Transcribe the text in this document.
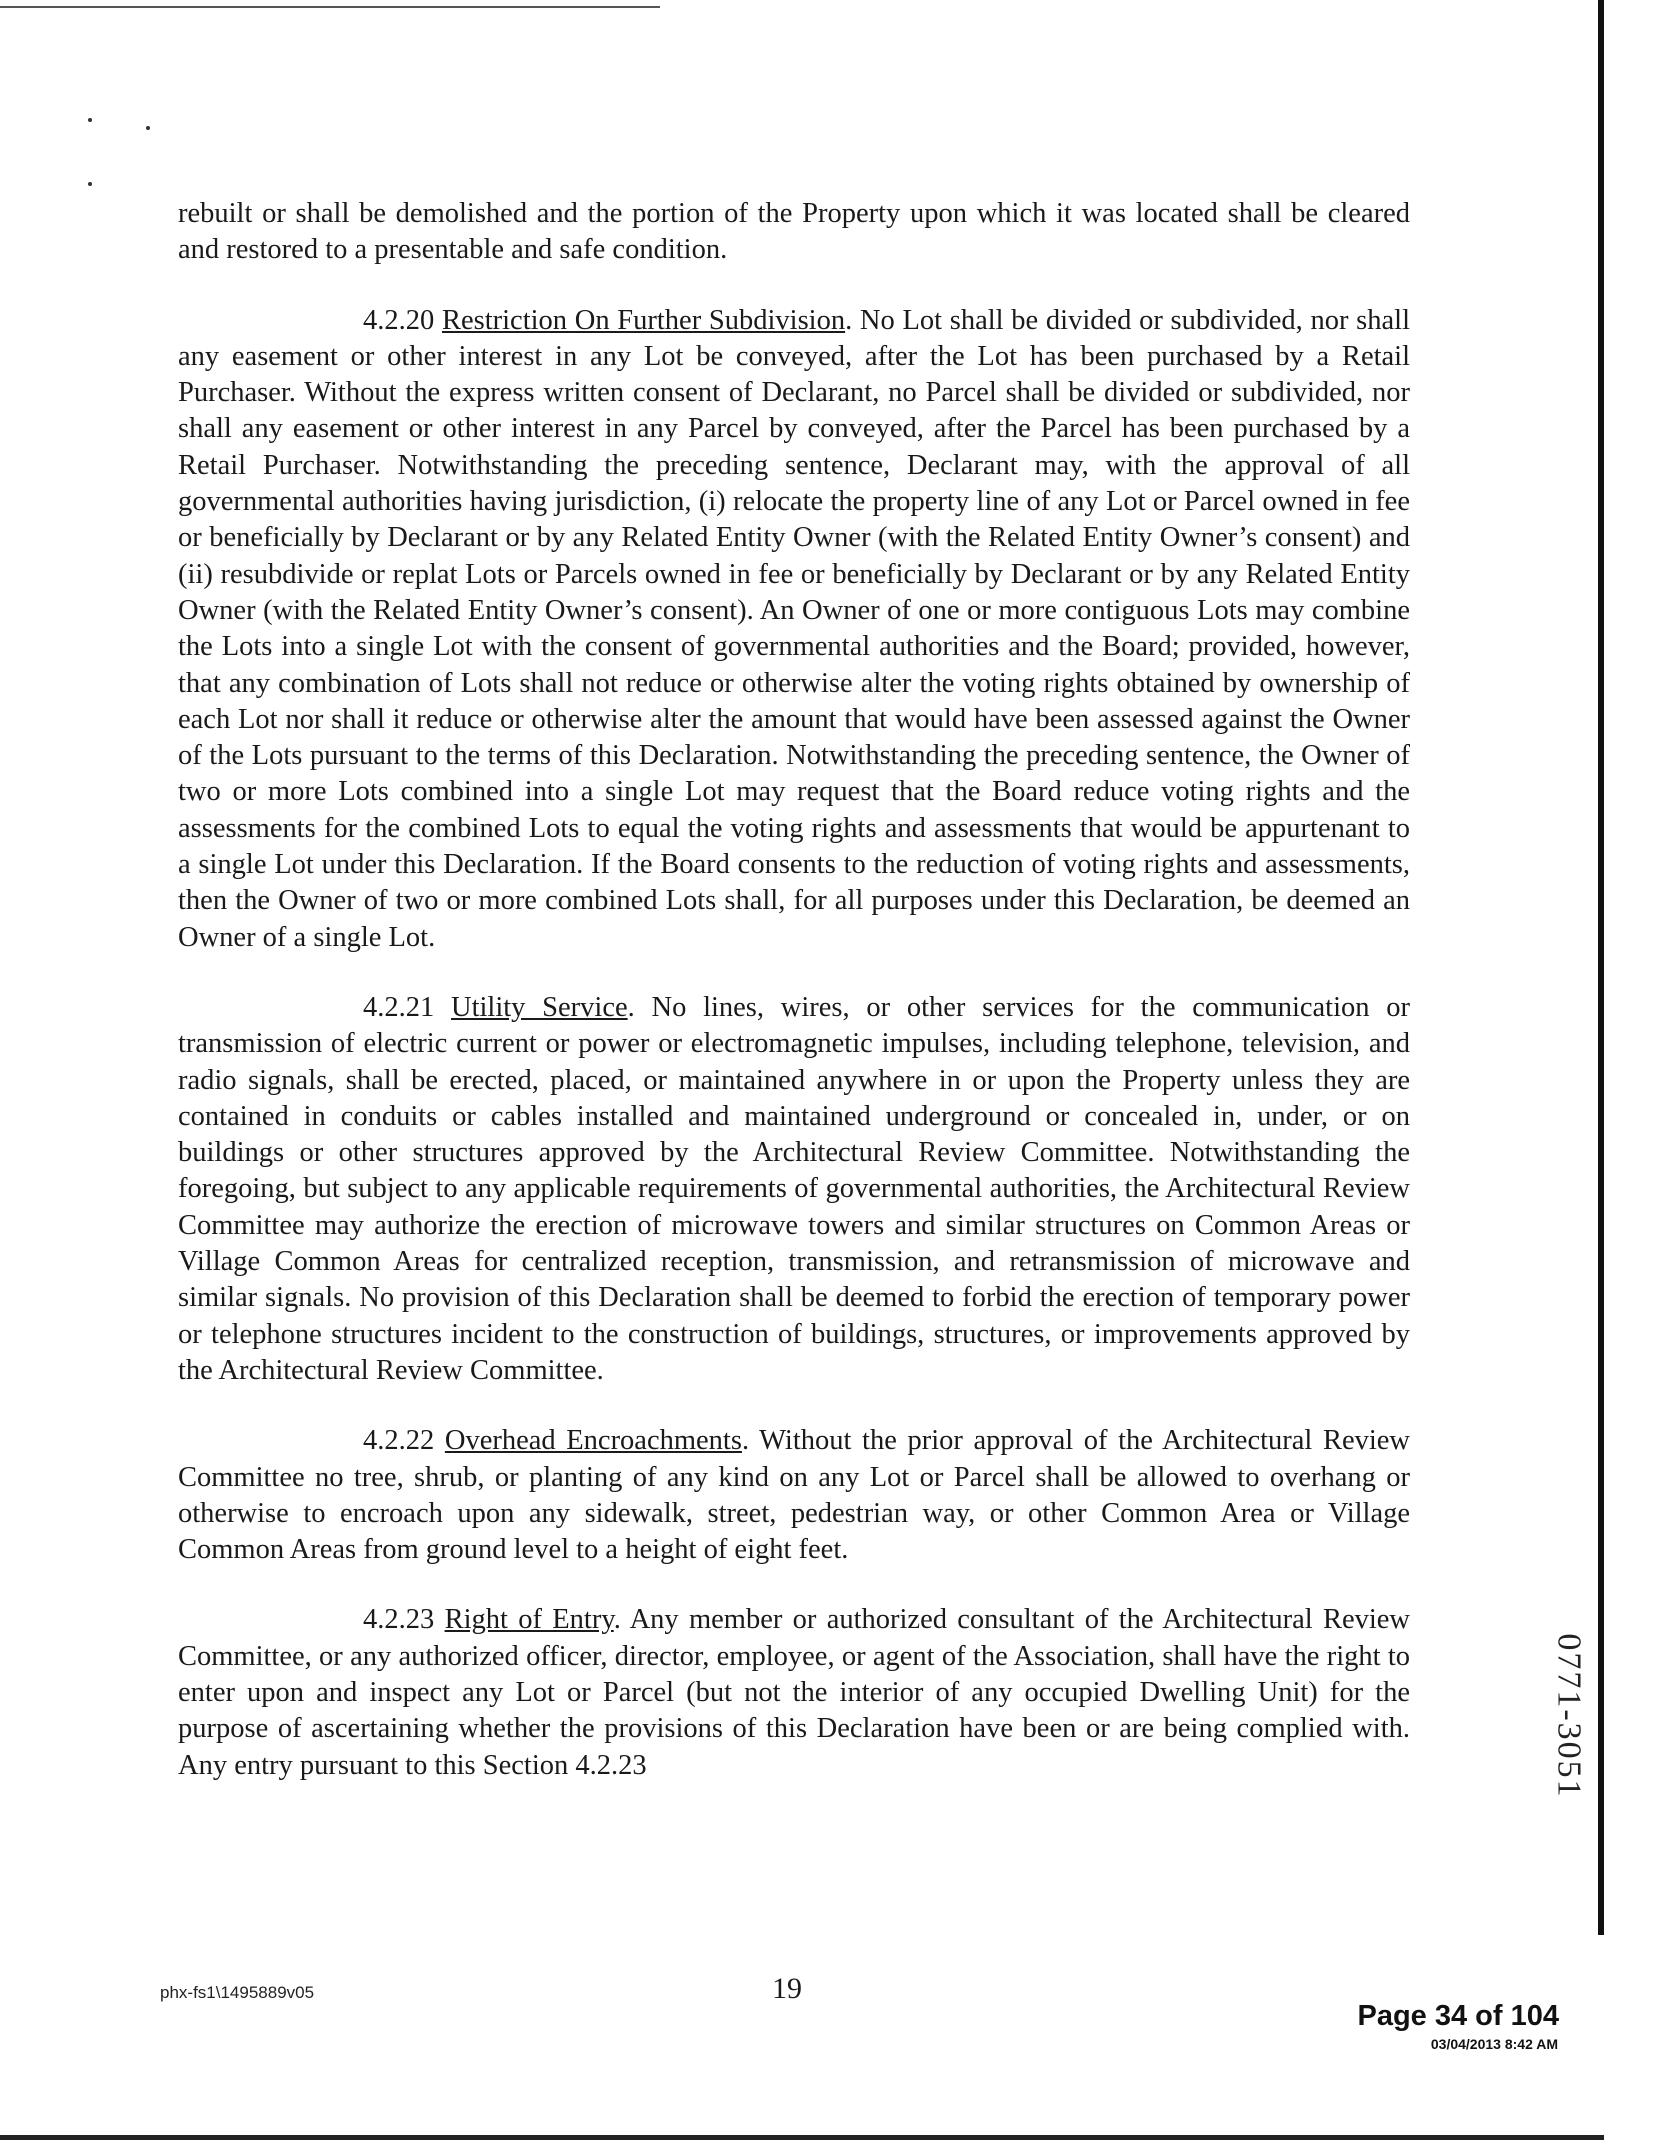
rebuilt or shall be demolished and the portion of the Property upon which it was located shall be cleared and restored to a presentable and safe condition.

4.2.20 Restriction On Further Subdivision. No Lot shall be divided or subdivided, nor shall any easement or other interest in any Lot be conveyed, after the Lot has been purchased by a Retail Purchaser. Without the express written consent of Declarant, no Parcel shall be divided or subdivided, nor shall any easement or other interest in any Parcel by conveyed, after the Parcel has been purchased by a Retail Purchaser. Notwithstanding the preceding sentence, Declarant may, with the approval of all governmental authorities having jurisdiction, (i) relocate the property line of any Lot or Parcel owned in fee or beneficially by Declarant or by any Related Entity Owner (with the Related Entity Owner’s consent) and (ii) resubdivide or replat Lots or Parcels owned in fee or beneficially by Declarant or by any Related Entity Owner (with the Related Entity Owner’s consent). An Owner of one or more contiguous Lots may combine the Lots into a single Lot with the consent of governmental authorities and the Board; provided, however, that any combination of Lots shall not reduce or otherwise alter the voting rights obtained by ownership of each Lot nor shall it reduce or otherwise alter the amount that would have been assessed against the Owner of the Lots pursuant to the terms of this Declaration. Notwithstanding the preceding sentence, the Owner of two or more Lots combined into a single Lot may request that the Board reduce voting rights and the assessments for the combined Lots to equal the voting rights and assessments that would be appurtenant to a single Lot under this Declaration. If the Board consents to the reduction of voting rights and assessments, then the Owner of two or more combined Lots shall, for all purposes under this Declaration, be deemed an Owner of a single Lot.

4.2.21 Utility Service. No lines, wires, or other services for the communication or transmission of electric current or power or electromagnetic impulses, including telephone, television, and radio signals, shall be erected, placed, or maintained anywhere in or upon the Property unless they are contained in conduits or cables installed and maintained underground or concealed in, under, or on buildings or other structures approved by the Architectural Review Committee. Notwithstanding the foregoing, but subject to any applicable requirements of governmental authorities, the Architectural Review Committee may authorize the erection of microwave towers and similar structures on Common Areas or Village Common Areas for centralized reception, transmission, and retransmission of microwave and similar signals. No provision of this Declaration shall be deemed to forbid the erection of temporary power or telephone structures incident to the construction of buildings, structures, or improvements approved by the Architectural Review Committee.

4.2.22 Overhead Encroachments. Without the prior approval of the Architectural Review Committee no tree, shrub, or planting of any kind on any Lot or Parcel shall be allowed to overhang or otherwise to encroach upon any sidewalk, street, pedestrian way, or other Common Area or Village Common Areas from ground level to a height of eight feet.

4.2.23 Right of Entry. Any member or authorized consultant of the Architectural Review Committee, or any authorized officer, director, employee, or agent of the Association, shall have the right to enter upon and inspect any Lot or Parcel (but not the interior of any occupied Dwelling Unit) for the purpose of ascertaining whether the provisions of this Declaration have been or are being complied with. Any entry pursuant to this Section 4.2.23	0771-3051
phx-fs1\1495889v05	19
Page 34 of 104
03/04/2013 8:42 AM
